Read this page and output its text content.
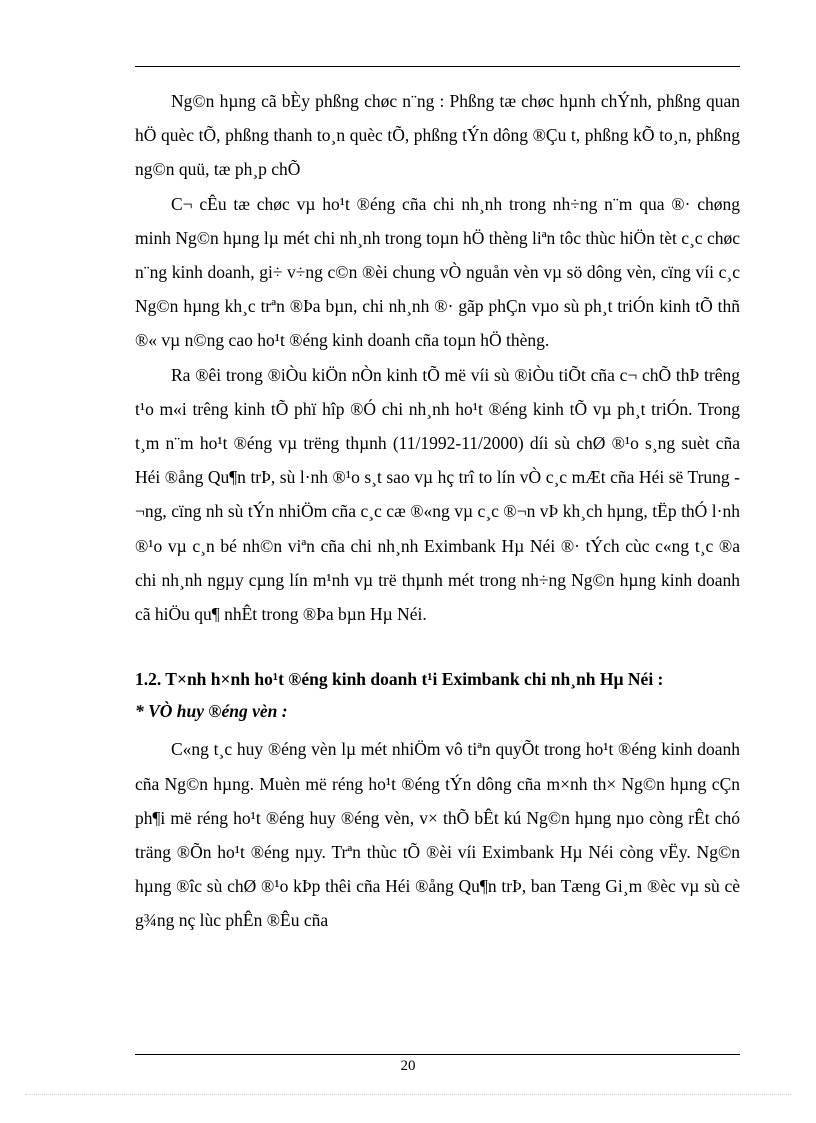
Ng©n hµng cã bÈy phßng chøc n¨ng : Phßng tæ chøc hµnh chÝnh, phßng quan hÖ quèc tÕ, phßng thanh to¸n quèc tÕ, phßng tÝn dông ®Çu t, phßng kÕ to¸n, phßng ng©n quü, tæ ph¸p chÕ

C¬ cÊu tæ chøc vµ ho¹t ®éng cña chi nh¸nh trong nh÷ng n¨m qua ®· chøng minh Ng©n hµng lµ mét chi nh¸nh trong toµn hÖ thèng liªn tôc thùc hiÖn tèt c¸c chøc n¨ng kinh doanh, gi÷ v÷ng c©n ®èi chung vÒ nguån vèn vµ sö dông vèn, cïng víi c¸c Ng©n hµng kh¸c trªn ®Þa bµn, chi nh¸nh ®· gãp phÇn vµo sù ph¸t triÓn kinh tÕ thñ ®« vµ n©ng cao ho¹t ®éng kinh doanh cña toµn hÖ thèng.

Ra ®êi trong ®iÒu kiÖn nÒn kinh tÕ më víi sù ®iÒu tiÕt cña c¬ chÕ thÞ trêng t¹o m«i trêng kinh tÕ phï hîp ®Ó chi nh¸nh ho¹t ®éng kinh tÕ vµ ph¸t triÓn. Trong t¸m n¨m ho¹t ®éng vµ trëng thµnh (11/1992-11/2000) díi sù chØ ®¹o s¸ng suèt cña Héi ®ång Qu¶n trÞ, sù l·nh ®¹o s¸t sao vµ hç trî to lín vÒ c¸c mÆt cña Héi së Trung ¬ng, cïng nh sù tÝn nhiÖm cña c¸c cæ ®«ng vµ c¸c ®¬n vÞ kh¸ch hµng, tËp thÓ l·nh ®¹o vµ c¸n bé nh©n viªn cña chi nh¸nh Eximbank Hµ Néi ®· tÝch cùc c«ng t¸c ®a chi nh¸nh ngµy cµng lín m¹nh vµ trë thµnh mét trong nh÷ng Ng©n hµng kinh doanh cã hiÖu qu¶ nhÊt trong ®Þa bµn Hµ Néi.

1.2. T×nh h×nh ho¹t ®éng kinh doanh t¹i Eximbank chi nh¸nh Hµ Néi :

* VÒ huy ®éng vèn :

C«ng t¸c huy ®éng vèn lµ mét nhiÖm vô tiªn quyÕt trong ho¹t ®éng kinh doanh cña Ng©n hµng. Muèn më réng ho¹t ®éng tÝn dông cña m×nh th× Ng©n hµng cÇn ph¶i më réng ho¹t ®éng huy ®éng vèn, v× thÕ bÊt kú Ng©n hµng nµo còng rÊt chó träng ®Õn ho¹t ®éng nµy. Trªn thùc tÕ ®èi víi Eximbank Hµ Néi còng vËy. Ng©n hµng ®îc sù chØ ®¹o kÞp thêi cña Héi ®ång Qu¶n trÞ, ban Tæng Gi¸m ®èc vµ sù cè g¾ng nç lùc phÊn ®Êu cña

20
